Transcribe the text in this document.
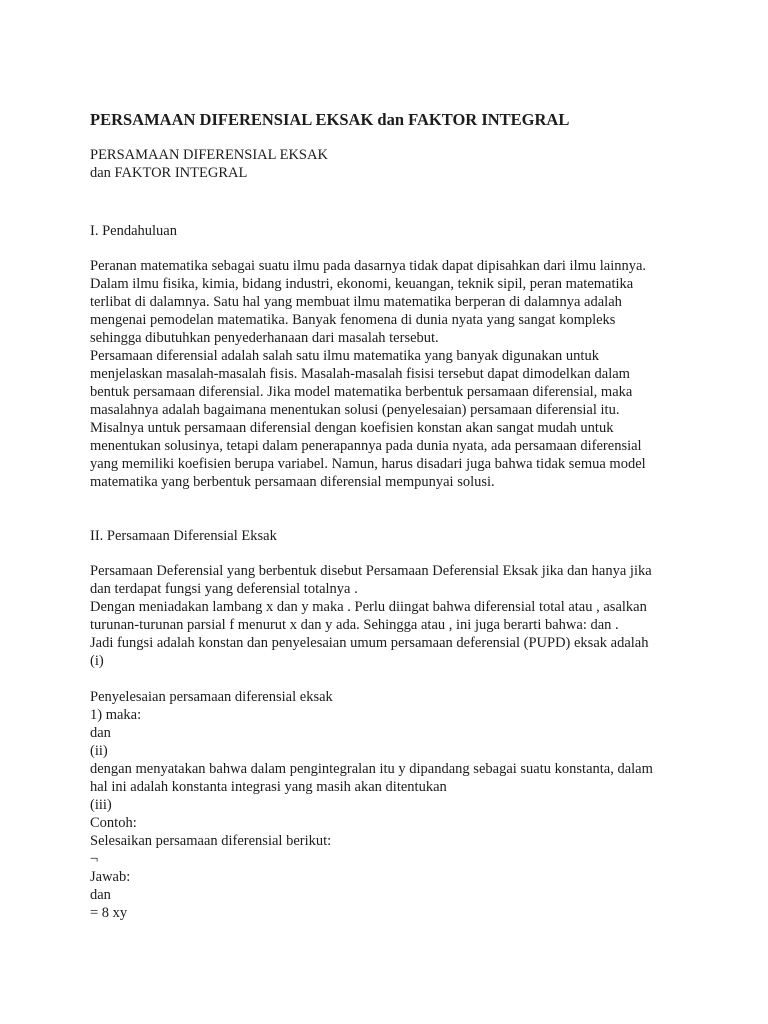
PERSAMAAN DIFERENSIAL EKSAK dan FAKTOR INTEGRAL
PERSAMAAN DIFERENSIAL EKSAK
dan FAKTOR INTEGRAL
I. Pendahuluan
Peranan matematika sebagai suatu ilmu pada dasarnya tidak dapat dipisahkan dari ilmu lainnya.
Dalam ilmu fisika, kimia, bidang industri, ekonomi, keuangan, teknik sipil, peran matematika
terlibat di dalamnya. Satu hal yang membuat ilmu matematika berperan di dalamnya adalah
mengenai pemodelan matematika. Banyak fenomena di dunia nyata yang sangat kompleks
sehingga dibutuhkan penyederhanaan dari masalah tersebut.
Persamaan diferensial adalah salah satu ilmu matematika yang banyak digunakan untuk
menjelaskan masalah-masalah fisis. Masalah-masalah fisisi tersebut dapat dimodelkan dalam
bentuk persamaan diferensial. Jika model matematika berbentuk persamaan diferensial, maka
masalahnya adalah bagaimana menentukan solusi (penyelesaian) persamaan diferensial itu.
Misalnya untuk persamaan diferensial dengan koefisien konstan akan sangat mudah untuk
menentukan solusinya, tetapi dalam penerapannya pada dunia nyata, ada persamaan diferensial
yang memiliki koefisien berupa variabel. Namun, harus disadari juga bahwa tidak semua model
matematika yang berbentuk persamaan diferensial mempunyai solusi.
II. Persamaan Diferensial Eksak
Persamaan Deferensial yang berbentuk disebut Persamaan Deferensial Eksak jika dan hanya jika
dan terdapat fungsi yang deferensial totalnya .
Dengan meniadakan lambang x dan y maka . Perlu diingat bahwa diferensial total atau , asalkan
turunan-turunan parsial f menurut x dan y ada. Sehingga atau , ini juga berarti bahwa: dan .
Jadi fungsi adalah konstan dan penyelesaian umum persamaan deferensial (PUPD) eksak adalah
(i)
Penyelesaian persamaan diferensial eksak
1) maka:
dan
(ii)
dengan menyatakan bahwa dalam pengintegralan itu y dipandang sebagai suatu konstanta, dalam
hal ini adalah konstanta integrasi yang masih akan ditentukan
(iii)
Contoh:
Selesaikan persamaan diferensial berikut:
¬
Jawab:
dan
= 8 xy
